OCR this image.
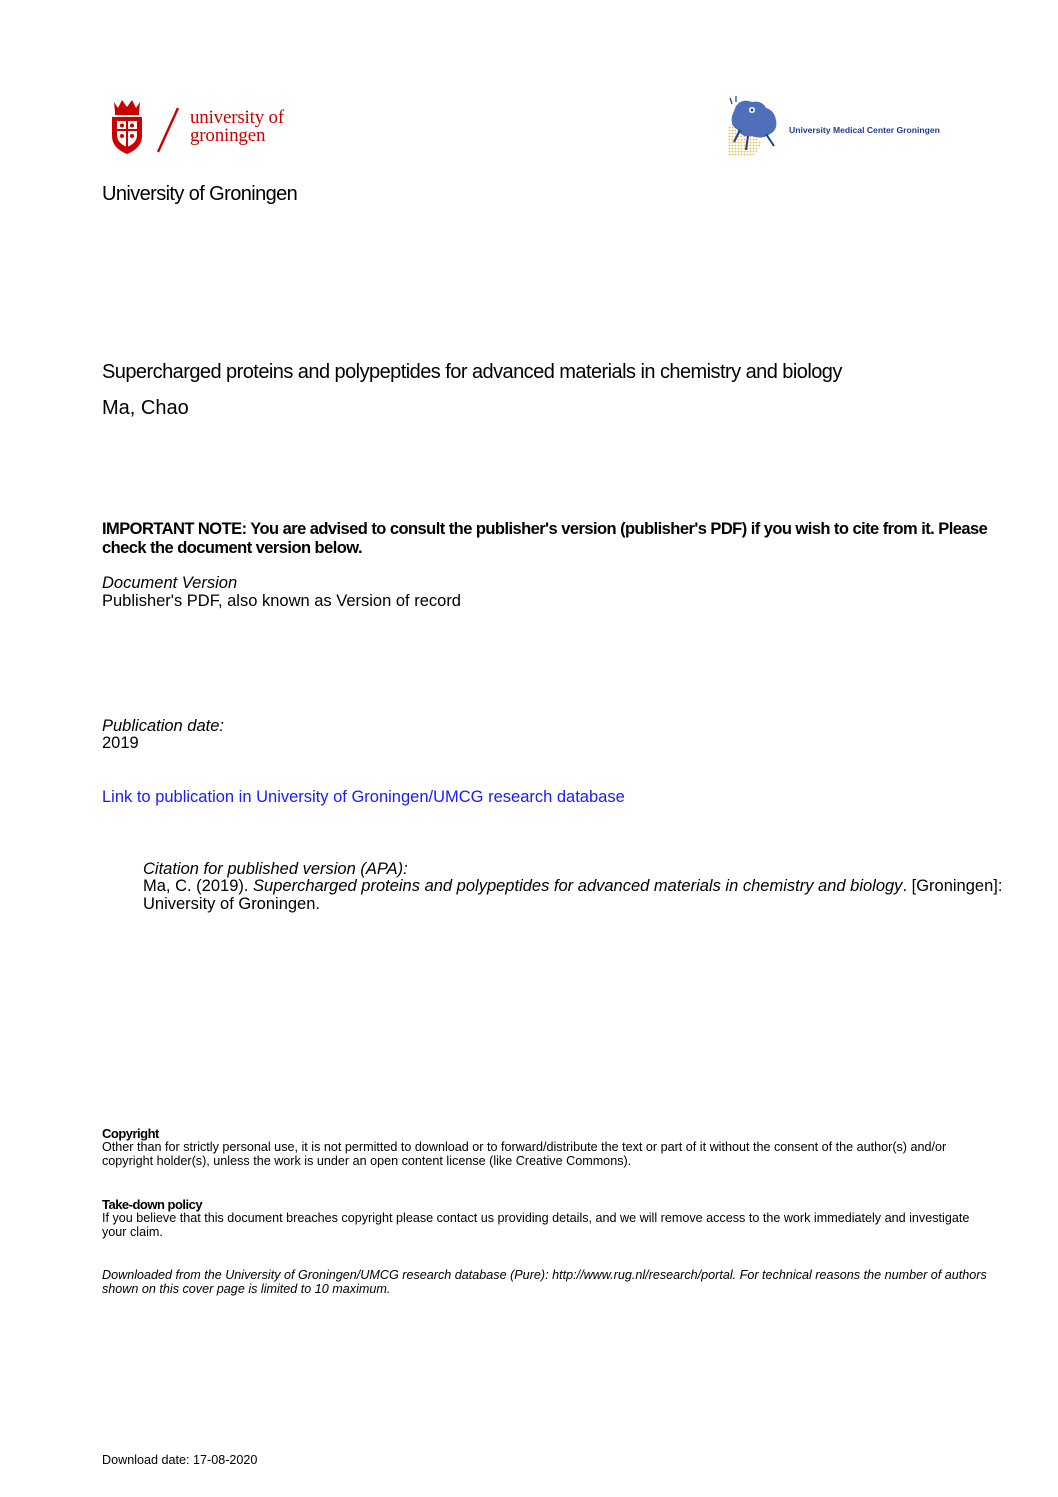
university of
groningen	University Medical Center Groningen
University of Groningen
Supercharged proteins and polypeptides for advanced materials in chemistry and biology
Ma, Chao
IMPORTANT NOTE: You are advised to consult the publisher's version (publisher's PDF) if you wish to cite from it. Please check the document version below.
Document Version
Publisher's PDF, also known as Version of record
Publication date:
2019
Link to publication in University of Groningen/UMCG research database
Citation for published version (APA):
Ma, C. (2019). Supercharged proteins and polypeptides for advanced materials in chemistry and biology. [Groningen]: University of Groningen.
Copyright
Other than for strictly personal use, it is not permitted to download or to forward/distribute the text or part of it without the consent of the author(s) and/or copyright holder(s), unless the work is under an open content license (like Creative Commons).
Take-down policy
If you believe that this document breaches copyright please contact us providing details, and we will remove access to the work immediately and investigate your claim.
Downloaded from the University of Groningen/UMCG research database (Pure): http://www.rug.nl/research/portal. For technical reasons the number of authors shown on this cover page is limited to 10 maximum.
Download date: 17-08-2020
